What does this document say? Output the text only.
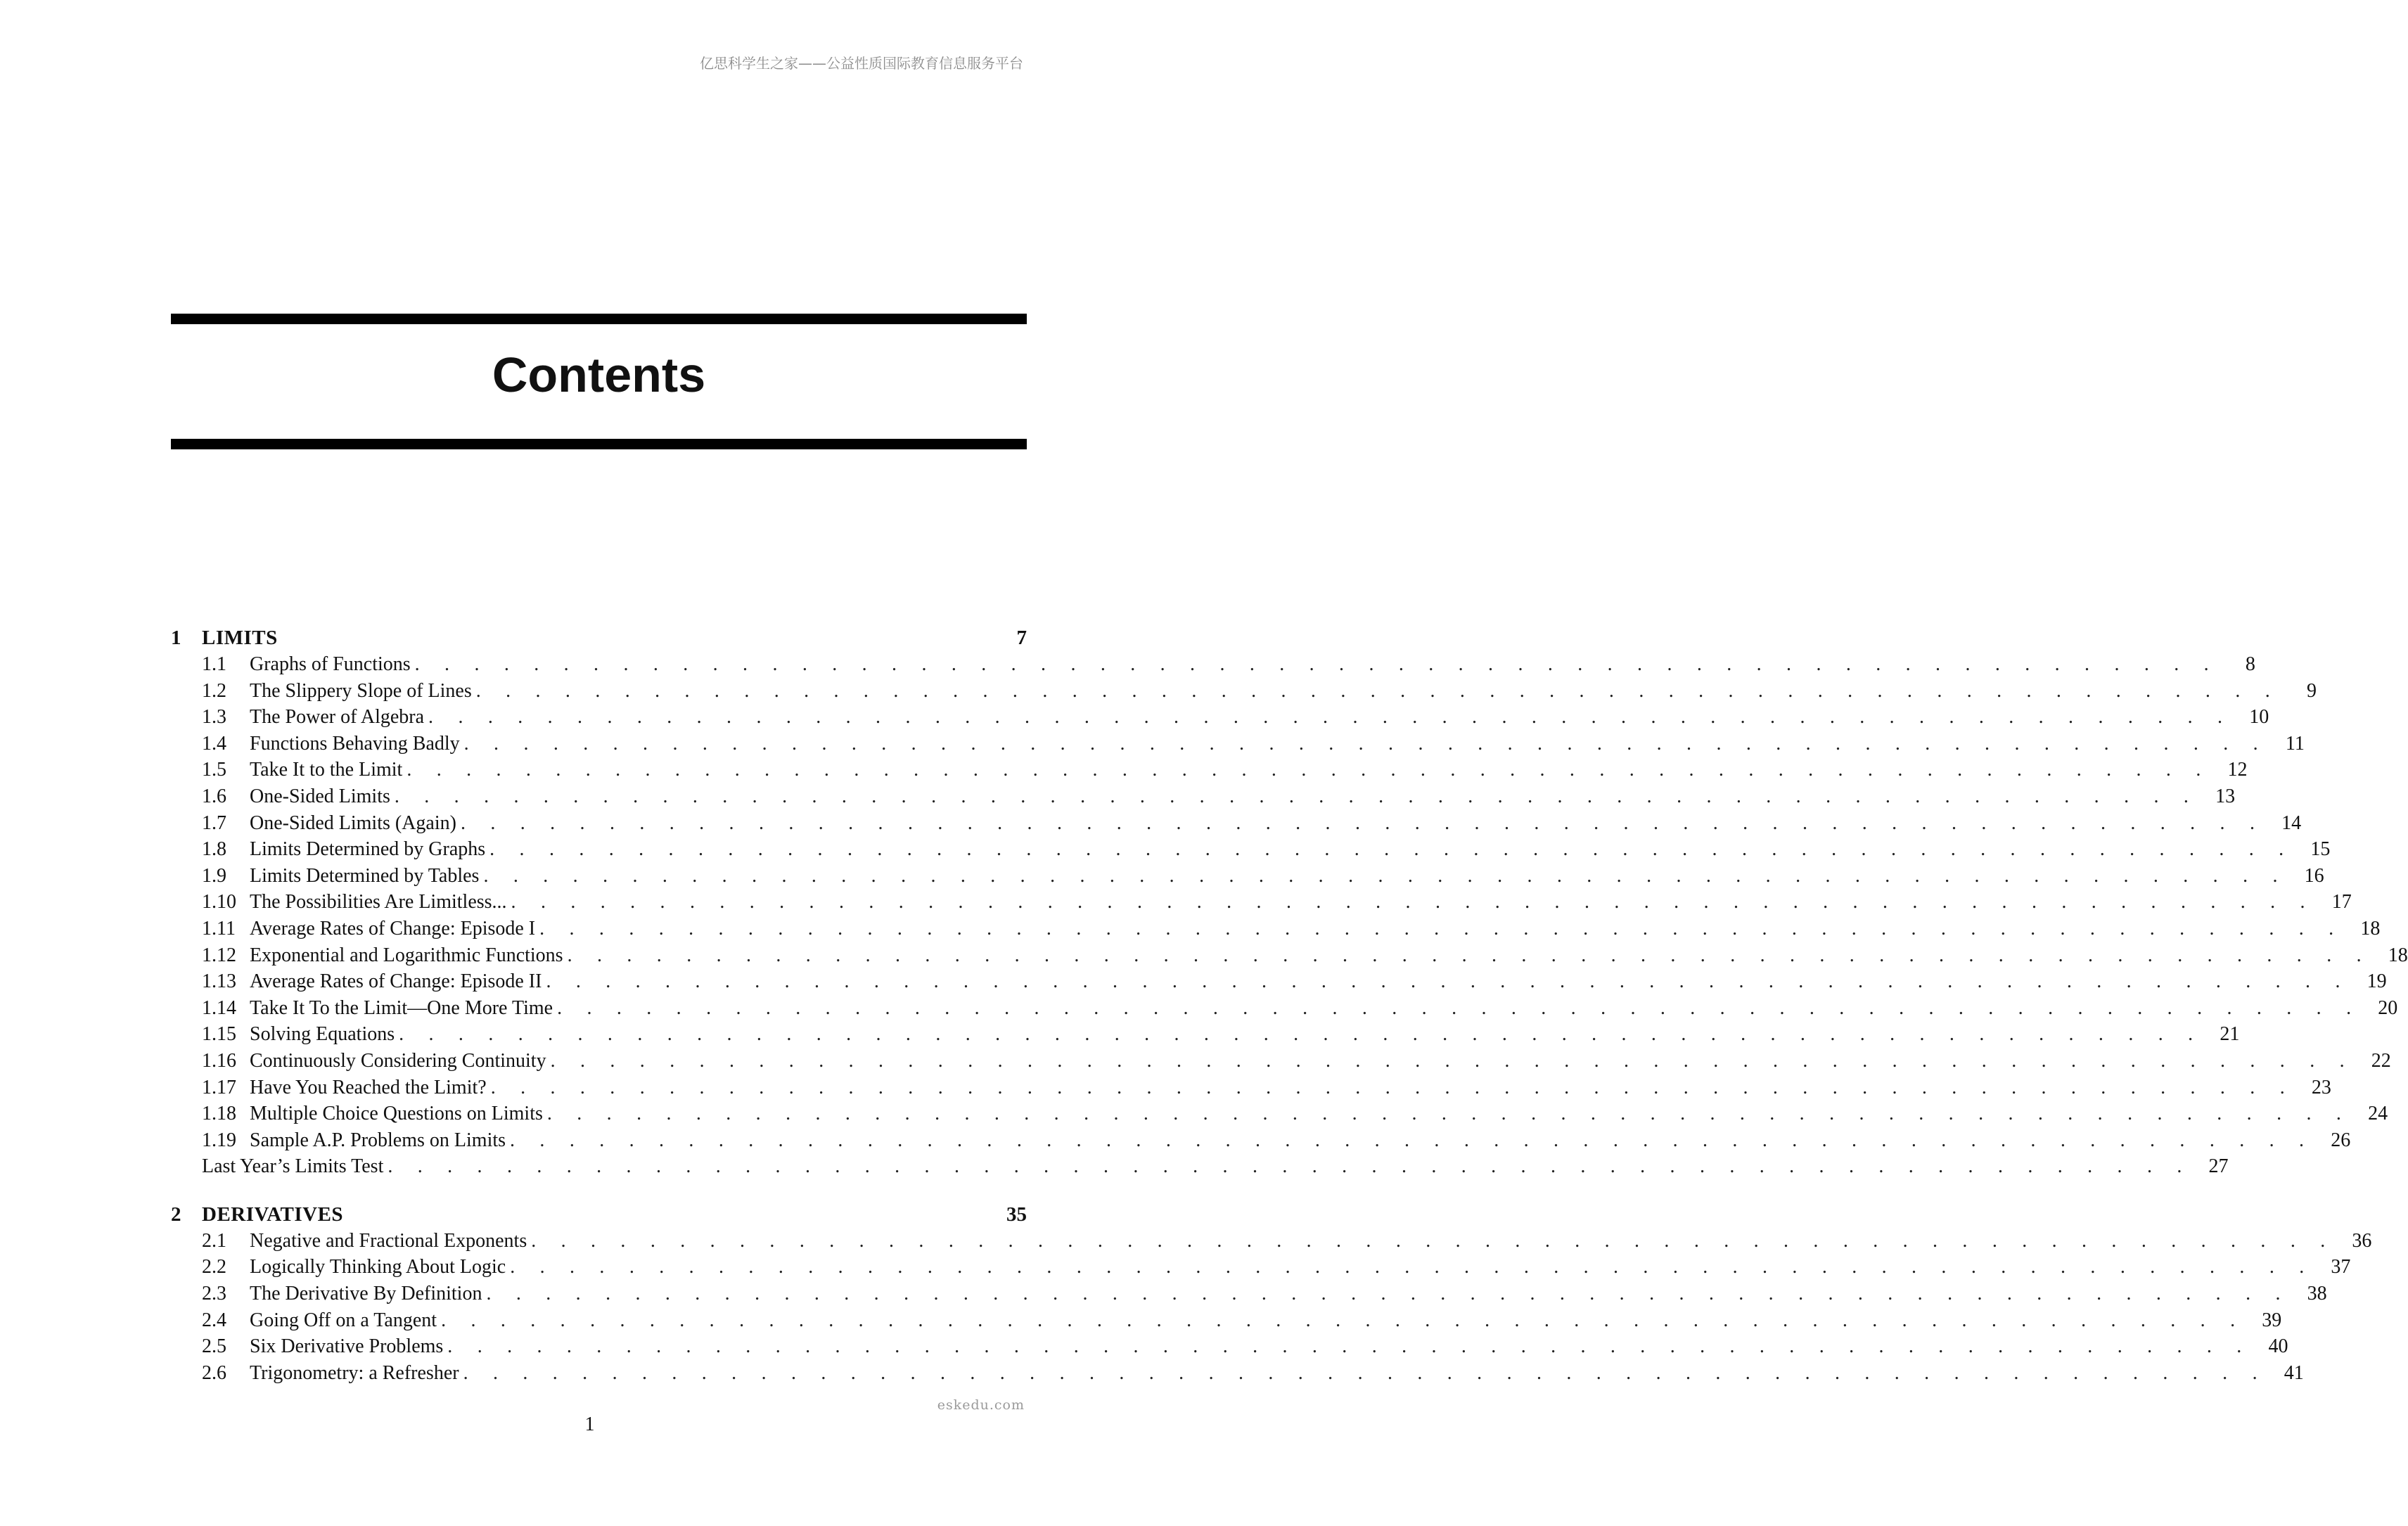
亿思科学生之家——公益性质国际教育信息服务平台
Contents
1	LIMITS	7
1.1	Graphs of Functions . . . . . . . . . . . . . . . . . . . . . . . . . . . . . . . . . . . . . . . . . . . . . . . . . . . . . . . . . . . . .	8
1.2	The Slippery Slope of Lines . . . . . . . . . . . . . . . . . . . . . . . . . . . . . . . . . . . . . . . . . . . . . . . . . . . . . . . . . . . . .	9
1.3	The Power of Algebra . . . . . . . . . . . . . . . . . . . . . . . . . . . . . . . . . . . . . . . . . . . . . . . . . . . . . . . . . . . . . 10
1.4	Functions Behaving Badly . . . . . . . . . . . . . . . . . . . . . . . . . . . . . . . . . . . . . . . . . . . . . . . . . . . . . . . . . . . . . 11
1.5	Take It to the Limit . . . . . . . . . . . . . . . . . . . . . . . . . . . . . . . . . . . . . . . . . . . . . . . . . . . . . . . . . . . . . 12
1.6	One-Sided Limits . . . . . . . . . . . . . . . . . . . . . . . . . . . . . . . . . . . . . . . . . . . . . . . . . . . . . . . . . . . . . 13
1.7	One-Sided Limits (Again) . . . . . . . . . . . . . . . . . . . . . . . . . . . . . . . . . . . . . . . . . . . . . . . . . . . . . . . . . . . . . 14
1.8	Limits Determined by Graphs . . . . . . . . . . . . . . . . . . . . . . . . . . . . . . . . . . . . . . . . . . . . . . . . . . . . . . . . . . . . . 15
1.9	Limits Determined by Tables . . . . . . . . . . . . . . . . . . . . . . . . . . . . . . . . . . . . . . . . . . . . . . . . . . . . . . . . . . . . . 16
1.10 The Possibilities Are Limitless... . . . . . . . . . . . . . . . . . . . . . . . . . . . . . . . . . . . . . . . . . . . . . . . . . . . . . . . . . . . . . 17
1.11 Average Rates of Change: Episode I . . . . . . . . . . . . . . . . . . . . . . . . . . . . . . . . . . . . . . . . . . . . . . . . . . . . . . . . . . . . . 18
1.12 Exponential and Logarithmic Functions . . . . . . . . . . . . . . . . . . . . . . . . . . . . . . . . . . . . . . . . . . . . . . . . . . . . . . . . . . . . . 18
1.13 Average Rates of Change: Episode II . . . . . . . . . . . . . . . . . . . . . . . . . . . . . . . . . . . . . . . . . . . . . . . . . . . . . . . . . . . . . 19
1.14 Take It To the Limit—One More Time . . . . . . . . . . . . . . . . . . . . . . . . . . . . . . . . . . . . . . . . . . . . . . . . . . . . . . . . . . . . . 20
1.15 Solving Equations . . . . . . . . . . . . . . . . . . . . . . . . . . . . . . . . . . . . . . . . . . . . . . . . . . . . . . . . . . . . . 21
1.16 Continuously Considering Continuity . . . . . . . . . . . . . . . . . . . . . . . . . . . . . . . . . . . . . . . . . . . . . . . . . . . . . . . . . . . . . 22
1.17 Have You Reached the Limit? . . . . . . . . . . . . . . . . . . . . . . . . . . . . . . . . . . . . . . . . . . . . . . . . . . . . . . . . . . . . . 23
1.18 Multiple Choice Questions on Limits . . . . . . . . . . . . . . . . . . . . . . . . . . . . . . . . . . . . . . . . . . . . . . . . . . . . . . . . . . . . . 24
1.19 Sample A.P. Problems on Limits . . . . . . . . . . . . . . . . . . . . . . . . . . . . . . . . . . . . . . . . . . . . . . . . . . . . . . . . . . . . . 26
Last Year’s Limits Test . . . . . . . . . . . . . . . . . . . . . . . . . . . . . . . . . . . . . . . . . . . . . . . . . . . . . . . . . . . . . 27
2	DERIVATIVES	35
2.1	Negative and Fractional Exponents . . . . . . . . . . . . . . . . . . . . . . . . . . . . . . . . . . . . . . . . . . . . . . . . . . . . . . . . . . . . . 36
2.2	Logically Thinking About Logic . . . . . . . . . . . . . . . . . . . . . . . . . . . . . . . . . . . . . . . . . . . . . . . . . . . . . . . . . . . . . 37
2.3	The Derivative By Definition . . . . . . . . . . . . . . . . . . . . . . . . . . . . . . . . . . . . . . . . . . . . . . . . . . . . . . . . . . . . . 38
2.4	Going Off on a Tangent . . . . . . . . . . . . . . . . . . . . . . . . . . . . . . . . . . . . . . . . . . . . . . . . . . . . . . . . . . . . . 39
2.5	Six Derivative Problems . . . . . . . . . . . . . . . . . . . . . . . . . . . . . . . . . . . . . . . . . . . . . . . . . . . . . . . . . . . . . 40
2.6	Trigonometry: a Refresher . . . . . . . . . . . . . . . . . . . . . . . . . . . . . . . . . . . . . . . . . . . . . . . . . . . . . . . . . . . . . 41
eskedu.com
1
